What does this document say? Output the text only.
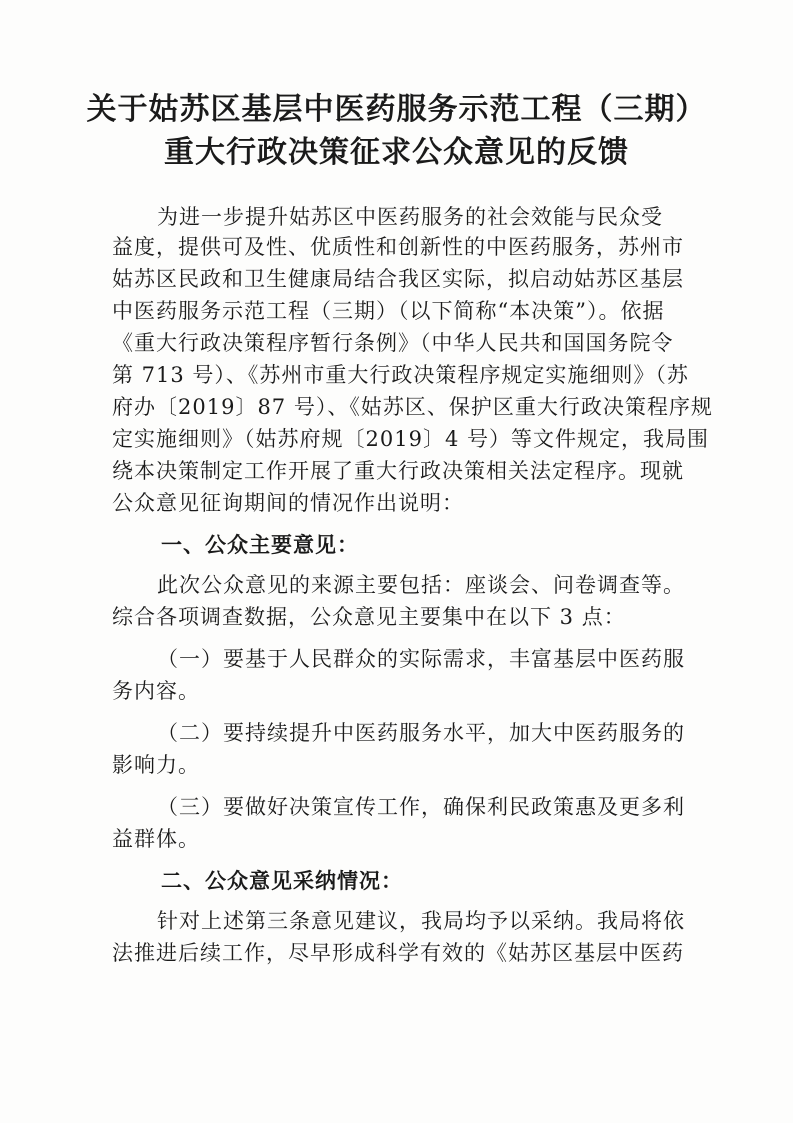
关于姑苏区基层中医药服务示范工程（三期）
重大行政决策征求公众意见的反馈
为进一步提升姑苏区中医药服务的社会效能与民众受
益度，提供可及性、优质性和创新性的中医药服务，苏州市
姑苏区民政和卫生健康局结合我区实际，拟启动姑苏区基层
中医药服务示范工程（三期）（以下简称“本决策”）。依据
《重大行政决策程序暂行条例》（中华人民共和国国务院令
第 713 号）、《苏州市重大行政决策程序规定实施细则》（苏
府办〔2019〕87 号）、《姑苏区、保护区重大行政决策程序规
定实施细则》（姑苏府规〔2019〕4 号）等文件规定，我局围
绕本决策制定工作开展了重大行政决策相关法定程序。现就
公众意见征询期间的情况作出说明：
一、公众主要意见：
此次公众意见的来源主要包括：座谈会、问卷调查等。
综合各项调查数据，公众意见主要集中在以下 3 点：
（一）要基于人民群众的实际需求，丰富基层中医药服
务内容。
（二）要持续提升中医药服务水平，加大中医药服务的
影响力。
（三）要做好决策宣传工作，确保利民政策惠及更多利
益群体。
二、公众意见采纳情况：
针对上述第三条意见建议，我局均予以采纳。我局将依
法推进后续工作，尽早形成科学有效的《姑苏区基层中医药
